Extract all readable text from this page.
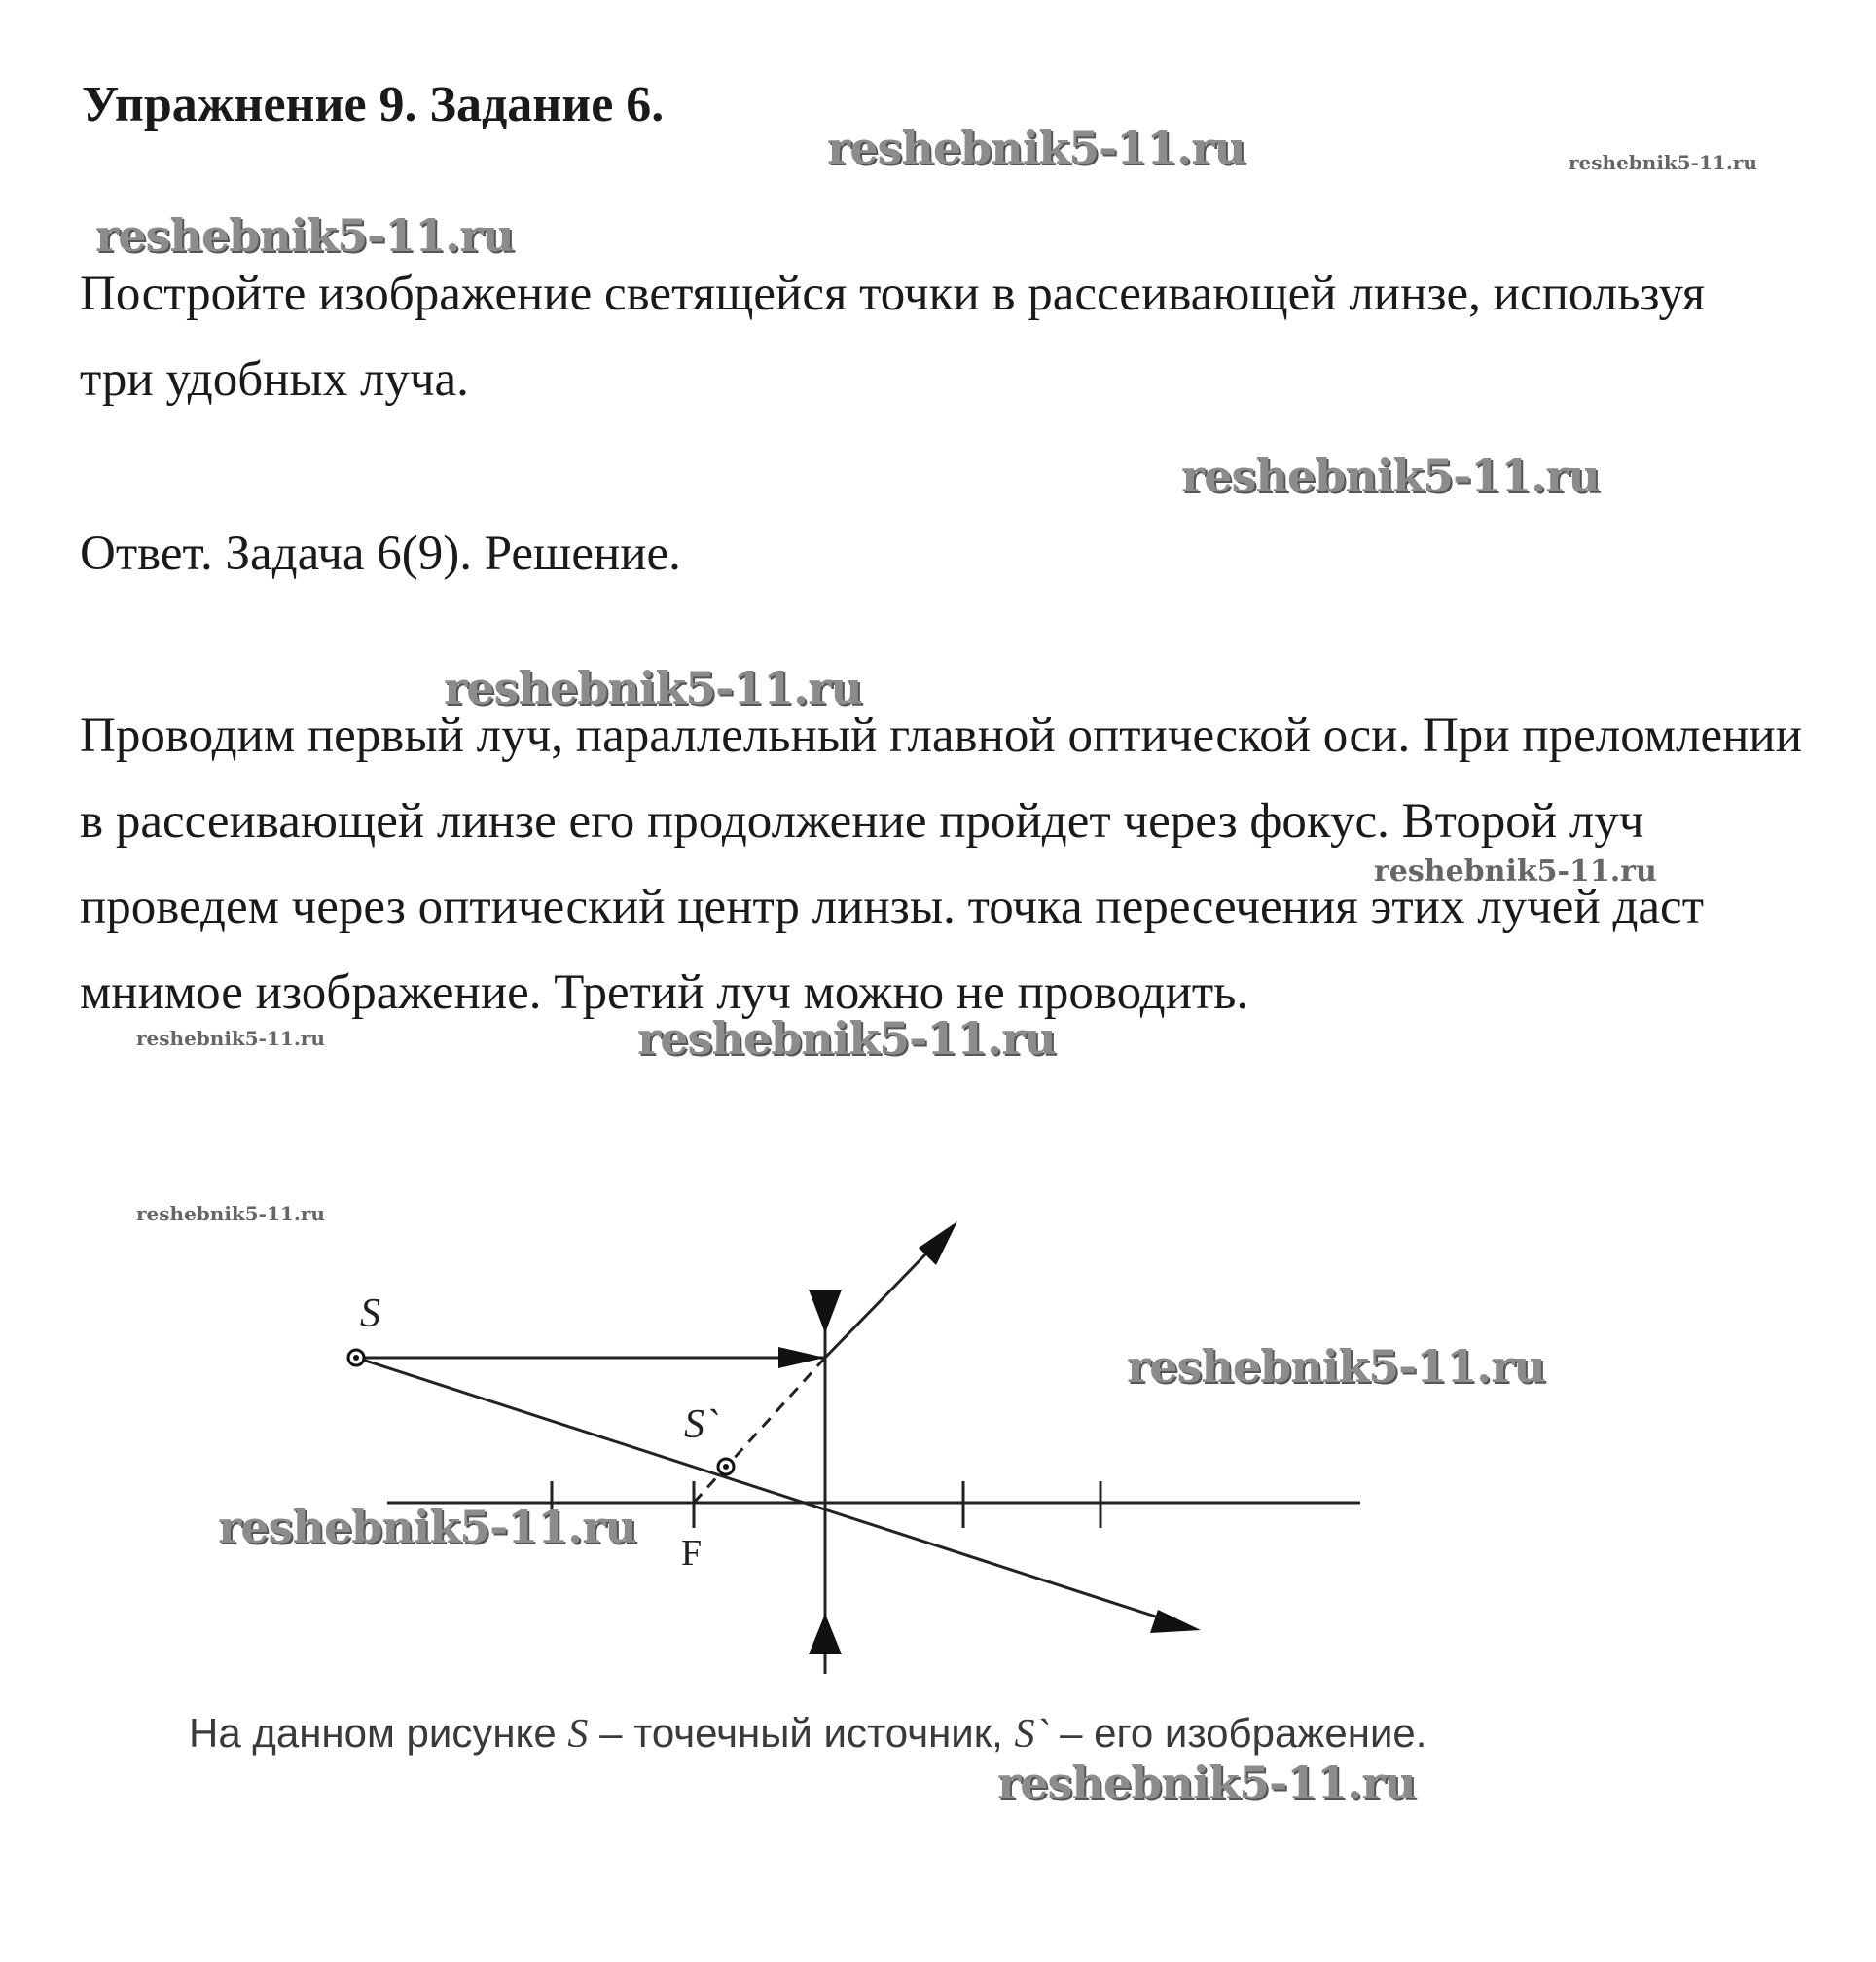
Упражнение 9. Задание 6.

Постройте изображение светящейся точки в рассеивающей линзе, используя три удобных луча.

Ответ. Задача 6(9). Решение.

Проводим первый луч, параллельный главной оптической оси. При преломлении в рассеивающей линзе его продолжение пройдет через фокус. Второй луч проведем через оптический центр линзы. точка пересечения этих лучей даст мнимое изображение. Третий луч можно не проводить.

S
S`
F

На данном рисунке S – точечный источник, S` – его изображение.

reshebnik5-11.ru	reshebnik5-11.ru
reshebnik5-11.ru
reshebnik5-11.ru
reshebnik5-11.ru
reshebnik5-11.ru
reshebnik5-11.ru	reshebnik5-11.ru
reshebnik5-11.ru
reshebnik5-11.ru
reshebnik5-11.ru
reshebnik5-11.ru
